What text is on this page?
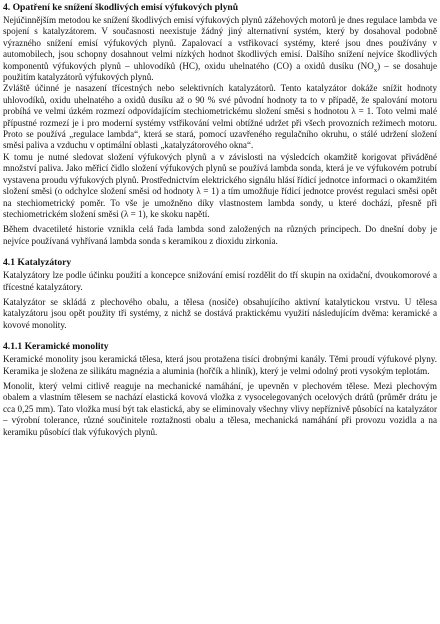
4. Opatření ke snížení škodlivých emisí výfukových plynů

Nejúčinnějším metodou ke snížení škodlivých emisí výfukových plynů zážehových motorů je dnes regulace lambda ve spojení s katalyzátorem. V současnosti neexistuje žádný jiný alternativní systém, který by dosahoval podobně výrazného snížení emisí výfukových plynů. Zapalovací a vstřikovací systémy, které jsou dnes používány v automobilech, jsou schopny dosahnout velmi nízkých hodnot škodlivých emisí. Dalšího snížení nejvíce škodlivých komponentů výfukových plynů – uhlovodíků (HC), oxidu uhelnatého (CO) a oxidů dusíku $(NO_x)$ – se dosahuje použitím katalyzátorů výfukových plynů.

Zvláště účinné je nasazení třícestných nebo selektivních katalyzátorů. Tento katalyzátor dokáže snížit hodnoty uhlovodíků, oxidu uhelnatého a oxidů dusíku až o 90 % své původní hodnoty ta to v případě, že spalování motoru probíhá ve velmi úzkém rozmezí odpovídajícím stechiometrickému složení směsi s hodnotou λ = 1. Toto velmi malé přípustné rozmezí je i pro moderní systémy vstřikování velmi obtížné udržet při všech provozních režimech motoru. Proto se používá „regulace lambda“, která se stará, pomocí uzavřeného regulačního okruhu, o stálé udržení složení směsi paliva a vzduchu v optimální oblasti „katalyzátorového okna“.

K tomu je nutné sledovat složení výfukových plynů a v závislosti na výsledcích okamžitě korigovat přiváděné množství paliva. Jako měřicí čidlo složení výfukových plynů se používá lambda sonda, která je ve výfukovém potrubí vystavena proudu výfukových plynů. Prostřednictvím elektrického signálu hlásí řídicí jednotce informaci o okamžitém složení směsi (o odchylce složení směsi od hodnoty λ = 1) a tím umožňuje řídicí jednotce provést regulaci směsi opět na stechiometrický poměr. To vše je umožněno díky vlastnostem lambda sondy, u které dochází, přesně při stechiometrickém složení směsi (λ = 1), ke skoku napětí.

Během dvacetileté historie vznikla celá řada lambda sond založených na různých principech. Do dnešní doby je nejvíce používaná vyhřívaná lambda sonda s keramikou z dioxidu zirkonia.

4.1 Katalyzátory

Katalyzátory lze podle účinku použití a koncepce snižování emisí rozdělit do tří skupin na oxidační, dvoukomorové a třícestné katalyzátory.

Katalyzátor se skládá z plechového obalu, a tělesa (nosiče) obsahujícího aktivní katalytickou vrstvu. U tělesa katalyzátoru jsou opět použity tři systémy, z nichž se dostává praktickému využití následujícím dvěma: keramické a kovové monolity.

4.1.1 Keramické monolity

Keramické monolity jsou keramická tělesa, která jsou protažena tisíci drobnými kanály. Těmi proudí výfukové plyny. Keramika je složena ze silikátu magnézia a aluminia (hořčík a hliník), který je velmi odolný proti vysokým teplotám.

Monolit, který velmi citlivě reaguje na mechanické namáhání, je upevněn v plechovém tělese. Mezi plechovým obalem a vlastním tělesem se nachází elastická kovová vložka z vysocelegovaných ocelových drátů (průměr drátu je cca 0,25 mm). Tato vložka musí být tak elastická, aby se eliminovaly všechny vlivy nepříznivě působící na katalyzátor – výrobní tolerance, různé součinitele roztažnosti obalu a tělesa, mechanická namáhání při provozu vozidla a na keramiku působící tlak výfukových plynů.
